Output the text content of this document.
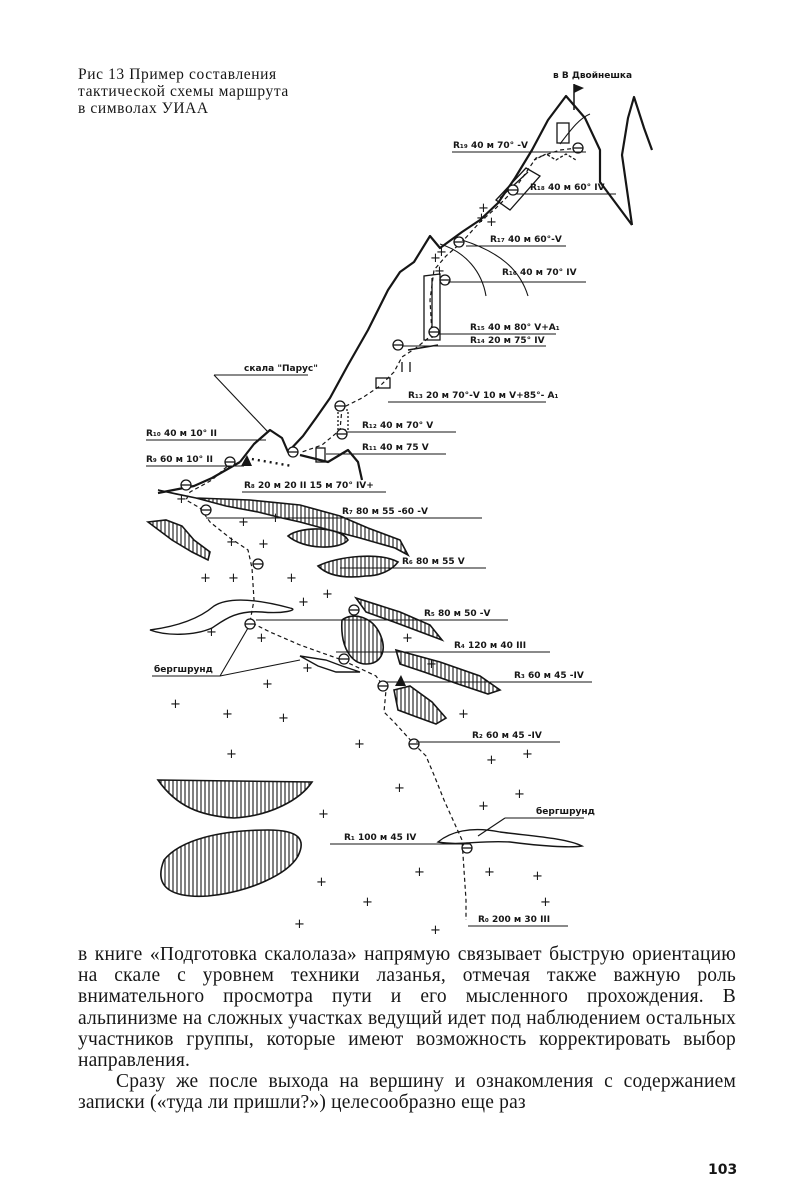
Рис 13 Пример составления
тактической схемы маршрута
в символах УИАА
в В Двойнешка
R₁₉ 40 м 70° -V
R₁₈ 40 м 60° IV
R₁₇ 40 м 60°-V
R₁₆ 40 м 70° IV
R₁₅ 40 м 80° V+A₁
R₁₄ 20 м 75° IV
R₁₃ 20 м 70°-V 10 м V+85°- A₁
R₁₂ 40 м 70° V
R₁₁ 40 м 75 V
R₁₀ 40 м 10° II
R₉ 60 м 10° II
R₈ 20 м 20 II 15 м 70° IV+
R₇ 80 м 55 -60 -V
R₆ 80 м 55 V
R₅ 80 м 50 -V
R₄ 120 м 40 III
R₃ 60 м 45 -IV
R₂ 60 м 45 -IV
R₁ 100 м 45 IV
R₀ 200 м 30 III
скала "Парус"
бергшрунд
бергшрунд
+
+ +
+
+ +
+
+
+
+
+	+
+
+
+
+	+
+
+
+
+
+ +
+
+
+
+
+
+	+
+
+
+	+
+
+
+ +
+
+
+
+

в книге «Подготовка скалолаза» напрямую связывает быструю ориентацию на скале с уровнем техники лазанья, отмечая также важную роль внимательного просмотра пути и его мысленного прохождения. В альпинизме на сложных участках ведущий идет под наблюдением остальных участников группы, которые имеют возможность корректировать выбор направления.

Сразу же после выхода на вершину и ознакомления с содержанием записки («туда ли пришли?») целесообразно еще раз

103
